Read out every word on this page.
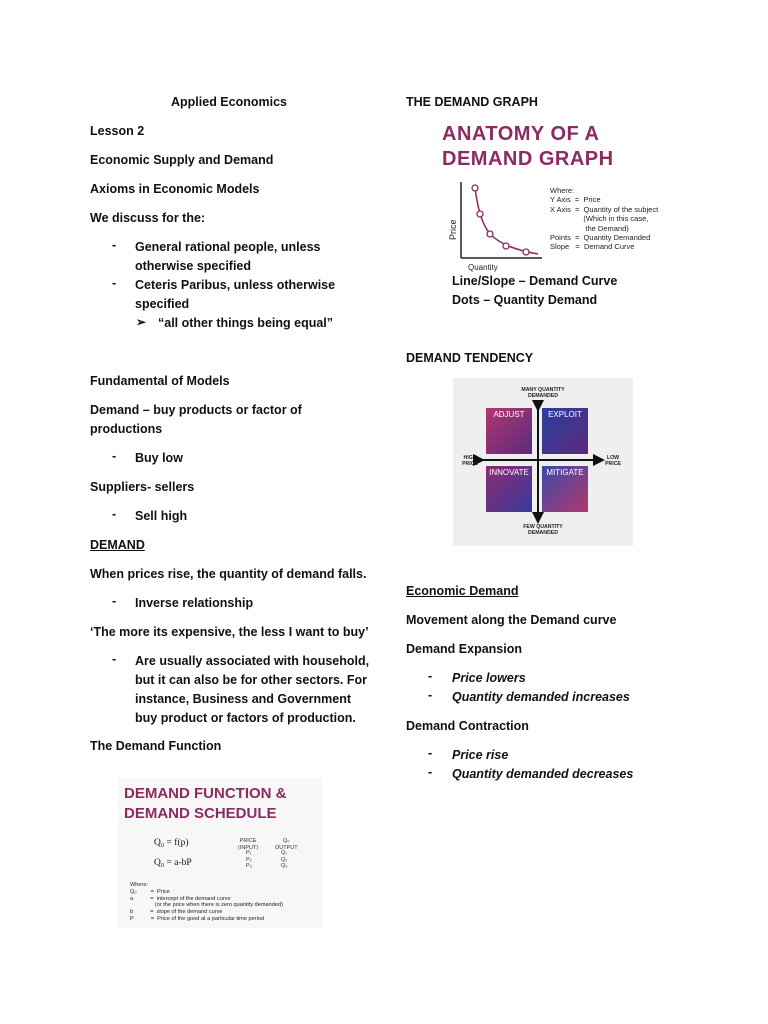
Applied Economics
Lesson 2
Economic Supply and Demand
Axioms in Economic Models
We discuss for the:
- General rational people, unless
otherwise specified
- Ceteris Paribus, unless otherwise
specified
➢ “all other things being equal”
Fundamental of Models
Demand – buy products or factor of
productions
- Buy low
Suppliers- sellers
- Sell high
DEMAND
When prices rise, the quantity of demand falls.
- Inverse relationship
‘The more its expensive, the less I want to buy’
- Are usually associated with household,
but it can also be for other sectors. For
instance, Business and Government
buy product or factors of production.
The Demand Function
DEMAND FUNCTION &
DEMAND SCHEDULE
Q₀ = f(p)
Q₀ = a-bP
PRICE
(INPUT)
Q₀
OUTPUT
P₁
P₂
P₃
Q₁
Q₂
Q₃
Where:
Q₀         =  Price
a           =  intercept of the demand curve
(or the price when there is zero quantity demanded)
b           =  slope of the demand curve
P           =  Price of the good at a particular time period
THE DEMAND GRAPH
ANATOMY OF A
DEMAND GRAPH
Price
Quantity
Where:
Y Axis  =  Price
X Axis  =  Quantity of the subject
(Which in this case,
the Demand)
Points  =  Quantity Demanded
Slope   =  Demand Curve
Line/Slope – Demand Curve
Dots – Quantity Demand
DEMAND TENDENCY
MANY QUANTITY
DEMANDED
FEW QUANTITY
DEMANDED
HIGH
PRICE
LOW
PRICE
ADJUST	EXPLOIT
INNOVATE	MITIGATE
Economic Demand
Movement along the Demand curve
Demand Expansion
- Price lowers
- Quantity demanded increases
Demand Contraction
- Price rise
- Quantity demanded decreases
